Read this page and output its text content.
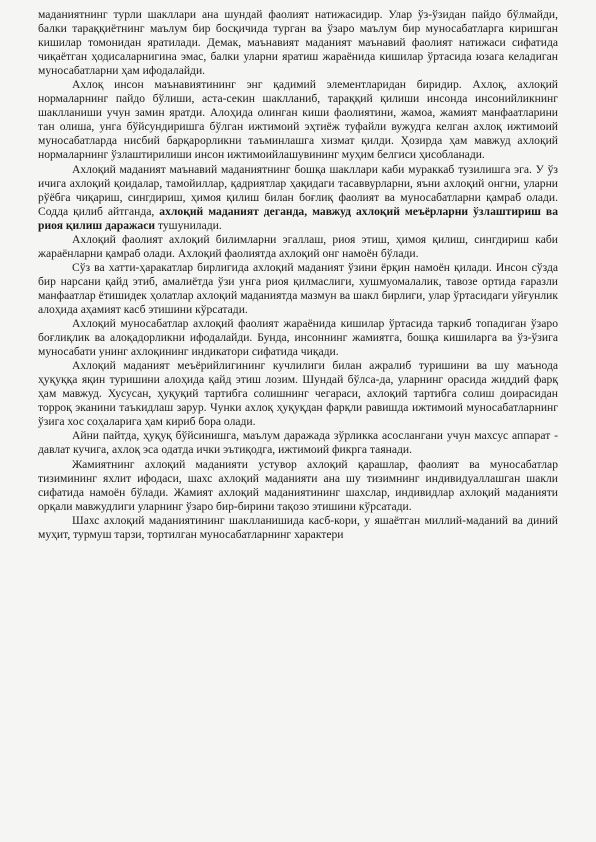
маданиятнинг турли шакллари ана шундай фаолият натижасидир. Улар ўз-ўзидан пайдо бўлмайди, балки тараққиётнинг маълум бир босқичида турган ва ўзаро маълум бир муносабатларга киришган кишилар томонидан яратилади. Демак, маънавият маданият маънавий фаолият натижаси сифатида чиқаётган ҳодисаларнигина эмас, балки уларни яратиш жараёнида кишилар ўртасида юзага келадиган муносабатларни ҳам ифодалайди.

Ахлоқ инсон маънавиятининг энг қадимий элементларидан биридир. Ахлоқ, ахлоқий нормаларнинг пайдо бўлиши, аста-секин шаклланиб, тараққий қилиши инсонда инсонийликнинг шаклланиши учун замин яратди. Алоҳида олинган киши фаолиятини, жамоа, жамият манфаатларини тан олиша, унга бўйсундиришга бўлган ижтимоий эҳтиёж туфайли вужудга келган ахлоқ ижтимоий муносабатларда нисбий барқарорликни таъминлашга хизмат қилди. Ҳозирда ҳам мавжуд ахлоқий нормаларнинг ўзлаштирилиши инсон ижтимоийлашувининг муҳим белгиси ҳисобланади.

Ахлоқий маданият маънавий маданиятнинг бошқа шакллари каби мураккаб тузилишга эга. У ўз ичига ахлоқий қоидалар, тамойиллар, қадриятлар ҳақидаги тасаввурларни, яъни ахлоқий онгни, уларни рўёбга чиқариш, сингдириш, ҳимоя қилиш билан боғлиқ фаолият ва муносабатларни қамраб олади. Содда қилиб айтганда, ахлоқий маданият деганда, мавжуд ахлоқий меъёрларни ўзлаштириш ва риоя қилиш даражаси тушунилади.

Ахлоқий фаолият ахлоқий билимларни эгаллаш, риоя этиш, ҳимоя қилиш, сингдириш каби жараёнларни қамраб олади. Ахлоқий фаолиятда ахлоқий онг намоён бўлади.

Сўз ва хатти-ҳаракатлар бирлигида ахлоқий маданият ўзини ёрқин намоён қилади. Инсон сўзда бир нарсани қайд этиб, амалиётда ўзи унга риоя қилмаслиги, хушмуомалалик, тавозе ортида ғаразли манфаатлар ётишидек ҳолатлар ахлоқий маданиятда мазмун ва шакл бирлиги, улар ўртасидаги уйғунлик алоҳида аҳамият касб этишини кўрсатади.

Ахлоқий муносабатлар ахлоқий фаолият жараёнида кишилар ўртасида таркиб топадиган ўзаро боғлиқлик ва алоқадорликни ифодалайди. Бунда, инсоннинг жамиятга, бошқа кишиларга ва ўз-ўзига муносабати унинг ахлоқининг индикатори сифатида чиқади.

Ахлоқий маданият меъёрийлигининг кучлилиги билан ажралиб туришини ва шу маънода ҳуқуққа яқин туришини алоҳида қайд этиш лозим. Шундай бўлса-да, уларнинг орасида жиддий фарқ ҳам мавжуд. Хусусан, ҳуқуқий тартибга солишнинг чегараси, ахлоқий тартибга солиш доирасидан торроқ эканини таъкидлаш зарур. Чунки ахлоқ ҳуқуқдан фарқли равишда ижтимоий муносабатларнинг ўзига хос соҳаларига ҳам кириб бора олади.

Айни пайтда, ҳуқуқ бўйсинишга, маълум даражада зўрликка асослангани учун махсус аппарат - давлат кучига, ахлоқ эса одатда ички эътиқодга, ижтимоий фикрга таянади.

Жамиятнинг ахлоқий маданияти устувор ахлоқий қарашлар, фаолият ва муносабатлар тизимининг яхлит ифодаси, шахс ахлоқий маданияти ана шу тизимнинг индивидуаллашган шакли сифатида намоён бўлади. Жамият ахлоқий маданиятининг шахслар, индивидлар ахлоқий маданияти орқали мавжудлиги уларнинг ўзаро бир-бирини тақозо этишини кўрсатади.

Шахс ахлоқий маданиятининг шаклланишида касб-кори, у яшаётган миллий-маданий ва диний муҳит, турмуш тарзи, тортилган муносабатларнинг характери
